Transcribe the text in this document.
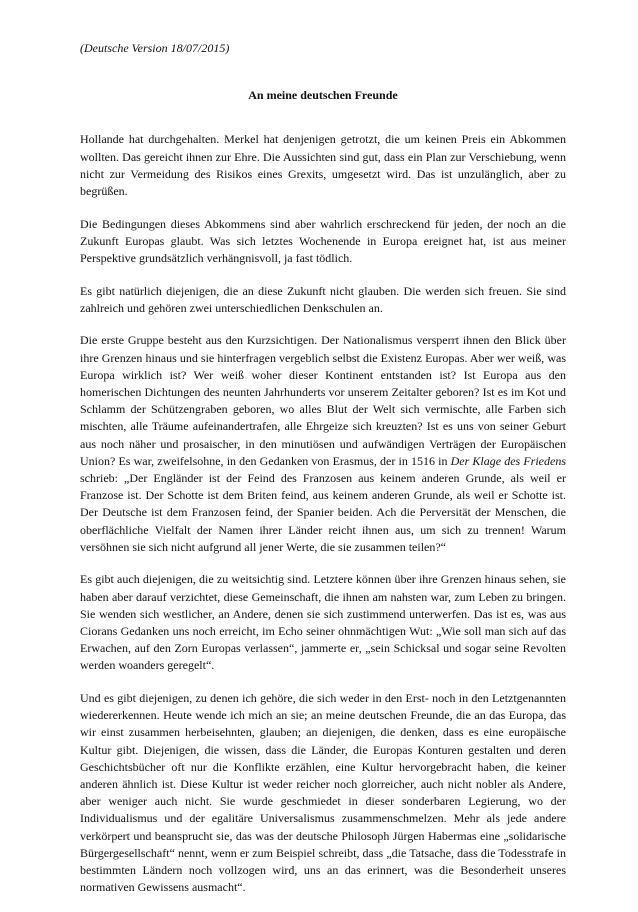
(Deutsche Version 18/07/2015)

An meine deutschen Freunde

Hollande hat durchgehalten. Merkel hat denjenigen getrotzt, die um keinen Preis ein Abkommen wollten. Das gereicht ihnen zur Ehre. Die Aussichten sind gut, dass ein Plan zur Verschiebung, wenn nicht zur Vermeidung des Risikos eines Grexits, umgesetzt wird. Das ist unzulänglich, aber zu begrüßen.

Die Bedingungen dieses Abkommens sind aber wahrlich erschreckend für jeden, der noch an die Zukunft Europas glaubt. Was sich letztes Wochenende in Europa ereignet hat, ist aus meiner Perspektive grundsätzlich verhängnisvoll, ja fast tödlich.

Es gibt natürlich diejenigen, die an diese Zukunft nicht glauben. Die werden sich freuen. Sie sind zahlreich und gehören zwei unterschiedlichen Denkschulen an.

Die erste Gruppe besteht aus den Kurzsichtigen. Der Nationalismus versperrt ihnen den Blick über ihre Grenzen hinaus und sie hinterfragen vergeblich selbst die Existenz Europas. Aber wer weiß, was Europa wirklich ist? Wer weiß woher dieser Kontinent entstanden ist? Ist Europa aus den homerischen Dichtungen des neunten Jahrhunderts vor unserem Zeitalter geboren? Ist es im Kot und Schlamm der Schützengraben geboren, wo alles Blut der Welt sich vermischte, alle Farben sich mischten, alle Träume aufeinandertrafen, alle Ehrgeize sich kreuzten? Ist es uns von seiner Geburt aus noch näher und prosaischer, in den minutiösen und aufwändigen Verträgen der Europäischen Union? Es war, zweifelsohne, in den Gedanken von Erasmus, der in 1516 in Der Klage des Friedens schrieb: „Der Engländer ist der Feind des Franzosen aus keinem anderen Grunde, als weil er Franzose ist. Der Schotte ist dem Briten feind, aus keinem anderen Grunde, als weil er Schotte ist. Der Deutsche ist dem Franzosen feind, der Spanier beiden. Ach die Perversität der Menschen, die oberflächliche Vielfalt der Namen ihrer Länder reicht ihnen aus, um sich zu trennen! Warum versöhnen sie sich nicht aufgrund all jener Werte, die sie zusammen teilen?“

Es gibt auch diejenigen, die zu weitsichtig sind. Letztere können über ihre Grenzen hinaus sehen, sie haben aber darauf verzichtet, diese Gemeinschaft, die ihnen am nahsten war, zum Leben zu bringen. Sie wenden sich westlicher, an Andere, denen sie sich zustimmend unterwerfen. Das ist es, was aus Ciorans Gedanken uns noch erreicht, im Echo seiner ohnmächtigen Wut: „Wie soll man sich auf das Erwachen, auf den Zorn Europas verlassen“, jammerte er, „sein Schicksal und sogar seine Revolten werden woanders geregelt“.

Und es gibt diejenigen, zu denen ich gehöre, die sich weder in den Erst- noch in den Letztgenannten wiedererkennen. Heute wende ich mich an sie; an meine deutschen Freunde, die an das Europa, das wir einst zusammen herbeisehnten, glauben; an diejenigen, die denken, dass es eine europäische Kultur gibt. Diejenigen, die wissen, dass die Länder, die Europas Konturen gestalten und deren Geschichtsbücher oft nur die Konflikte erzählen, eine Kultur hervorgebracht haben, die keiner anderen ähnlich ist. Diese Kultur ist weder reicher noch glorreicher, auch nicht nobler als Andere, aber weniger auch nicht. Sie wurde geschmiedet in dieser sonderbaren Legierung, wo der Individualismus und der egalitäre Universalismus zusammenschmelzen. Mehr als jede andere verkörpert und beansprucht sie, das was der deutsche Philosoph Jürgen Habermas eine „solidarische Bürgergesellschaft“ nennt, wenn er zum Beispiel schreibt, dass „die Tatsache, dass die Todesstrafe in bestimmten Ländern noch vollzogen wird, uns an das erinnert, was die Besonderheit unseres normativen Gewissens ausmacht“.
